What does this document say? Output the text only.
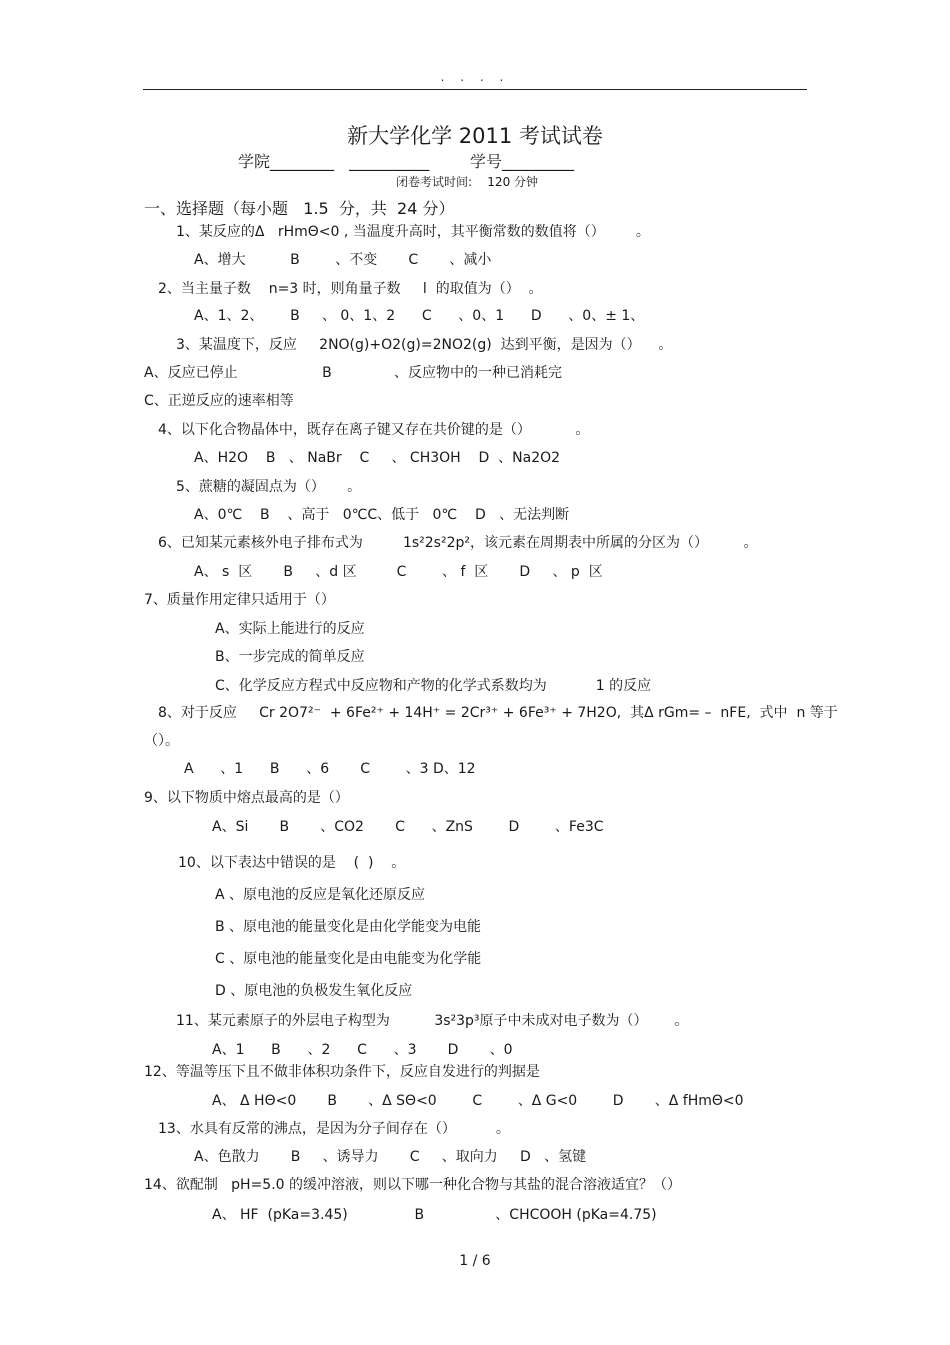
. . . .
新大学化学 2011 考试试卷
学院________   __________        学号_________
闭卷考试时间:    120 分钟
一、选择题（每小题   1.5  分，共  24 分）
1、某反应的Δ   rHmΘ<0 , 当温度升高时，其平衡常数的数值将（）       。
A、增大          B        、不变       C       、减小
2、当主量子数    n=3 时，则角量子数     l  的取值为（）  。
A、1、2、      B     、 0、1、2      C      、0、1      D      、0、± 1、
3、某温度下，反应     2NO(g)+O2(g)=2NO2(g)  达到平衡，是因为（）    。
A、反应已停止                   B              、反应物中的一种已消耗完
C、正逆反应的速率相等
4、以下化合物晶体中，既存在离子键又存在共价键的是（）          。
A、H2O    B   、 NaBr    C     、 CH3OH    D  、Na2O2
5、蔗糖的凝固点为（）     。
A、0℃    B    、高于   0℃C、低于   0℃    D   、无法判断
6、已知某元素核外电子排布式为         1s²2s²2p²，该元素在周期表中所属的分区为（）        。
A、 s  区       B     、d 区         C        、 f  区       D     、 p  区
7、质量作用定律只适用于（）
A、实际上能进行的反应
B、一步完成的简单反应
C、化学反应方程式中反应物和产物的化学式系数均为           1 的反应
8、对于反应     Cr 2O7²⁻  + 6Fe²⁺ + 14H⁺ = 2Cr³⁺ + 6Fe³⁺ + 7H2O,  其Δ rGm= –  nFE,  式中  n 等于
（）。
A      、1      B      、6       C        、3 D、12
9、以下物质中熔点最高的是（）
A、Si       B       、CO2       C      、ZnS        D        、Fe3C
10、以下表达中错误的是    (  )    。
A 、原电池的反应是氧化还原反应
B 、原电池的能量变化是由化学能变为电能
C 、原电池的能量变化是由电能变为化学能
D 、原电池的负极发生氧化反应
11、某元素原子的外层电子构型为          3s²3p³原子中未成对电子数为（）      。
A、1      B      、2      C      、3       D       、0
12、等温等压下且不做非体积功条件下，反应自发进行的判据是
A、 Δ HΘ<0       B       、Δ SΘ<0        C        、Δ G<0        D       、Δ fHmΘ<0
13、水具有反常的沸点，是因为分子间存在（）         。
A、色散力       B     、诱导力       C     、取向力     D   、氢键
14、欲配制   pH=5.0 的缓冲溶液，则以下哪一种化合物与其盐的混合溶液适宜？（）
A、 HF  (pKa=3.45)               B                、CHCOOH (pKa=4.75)
1 / 6
